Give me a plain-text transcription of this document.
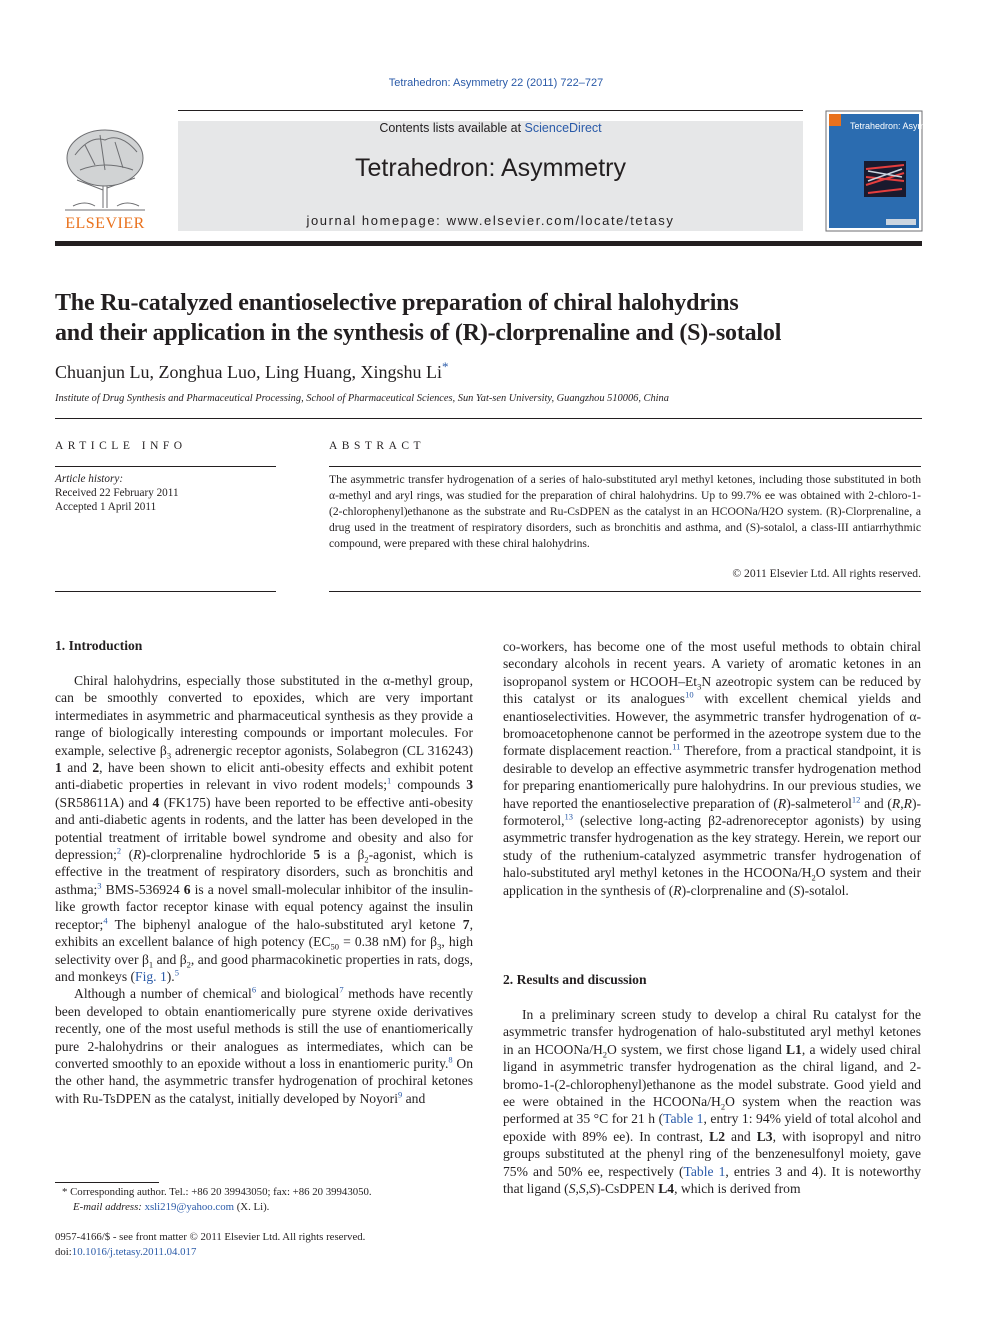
Tetrahedron: Asymmetry 22 (2011) 722–727
ELSEVIER
Contents lists available at ScienceDirect
Tetrahedron: Asymmetry
journal homepage: www.elsevier.com/locate/tetasy
Tetrahedron: Asymmetry
The Ru-catalyzed enantioselective preparation of chiral halohydrins
and their application in the synthesis of (R)-clorprenaline and (S)-sotalol
Chuanjun Lu, Zonghua Luo, Ling Huang, Xingshu Li*
Institute of Drug Synthesis and Pharmaceutical Processing, School of Pharmaceutical Sciences, Sun Yat-sen University, Guangzhou 510006, China
ARTICLE INFO
Article history:
Received 22 February 2011
Accepted 1 April 2011
ABSTRACT
The asymmetric transfer hydrogenation of a series of halo-substituted aryl methyl ketones, including those substituted in both α-methyl and aryl rings, was studied for the preparation of chiral halohydrins. Up to 99.7% ee was obtained with 2-chloro-1-(2-chlorophenyl)ethanone as the substrate and Ru-CsDPEN as the catalyst in an HCOONa/H2O system. (R)-Clorprenaline, a drug used in the treatment of respiratory disorders, such as bronchitis and asthma, and (S)-sotalol, a class-III antiarrhythmic compound, were prepared with these chiral halohydrins.
© 2011 Elsevier Ltd. All rights reserved.
1. Introduction

Chiral halohydrins, especially those substituted in the α-methyl group, can be smoothly converted to epoxides, which are very important intermediates in asymmetric and pharmaceutical synthesis as they provide a range of biologically interesting compounds or important molecules. For example, selective $\beta_3$ adrenergic receptor agonists, Solabegron (CL 316243) 1 and 2, have been shown to elicit anti-obesity effects and exhibit potent anti-diabetic properties in relevant in vivo rodent models;$^1$ compounds 3 (SR58611A) and 4 (FK175) have been reported to be effective anti-obesity and anti-diabetic agents in rodents, and the latter has been developed in the potential treatment of irritable bowel syndrome and obesity and also for depression;$^2$ (R)-clorprenaline hydrochloride 5 is a $\beta_2$-agonist, which is effective in the treatment of respiratory disorders, such as bronchitis and asthma;$^3$ BMS-536924 6 is a novel small-molecular inhibitor of the insulin-like growth factor receptor kinase with equal potency against the insulin receptor;$^4$ The biphenyl analogue of the halo-substituted aryl ketone 7, exhibits an excellent balance of high potency ($EC_{50} = 0.38$ nM) for $\beta_3$, high selectivity over $\beta_1$ and $\beta_2$, and good pharmacokinetic properties in rats, dogs, and monkeys (Fig. 1).$^5$

Although a number of chemical$^6$ and biological$^7$ methods have recently been developed to obtain enantiomerically pure styrene oxide derivatives recently, one of the most useful methods is still the use of enantiomerically pure 2-halohydrins or their analogues as intermediates, which can be converted smoothly to an epoxide without a loss in enantiomeric purity.$^8$ On the other hand, the asymmetric transfer hydrogenation of prochiral ketones with Ru-TsDPEN as the catalyst, initially developed by Noyori$^9$ and

* Corresponding author. Tel.: +86 20 39943050; fax: +86 20 39943050.
E-mail address: xsli219@yahoo.com (X. Li).
0957-4166/$ - see front matter © 2011 Elsevier Ltd. All rights reserved.
doi:10.1016/j.tetasy.2011.04.017

co-workers, has become one of the most useful methods to obtain chiral secondary alcohols in recent years. A variety of aromatic ketones in an isopropanol system or HCOOH–$Et_3N$ azeotropic system can be reduced by this catalyst or its analogues$^{10}$ with excellent chemical yields and enantioselectivities. However, the asymmetric transfer hydrogenation of α-bromoacetophenone cannot be performed in the azeotrope system due to the formate displacement reaction.$^{11}$ Therefore, from a practical standpoint, it is desirable to develop an effective asymmetric transfer hydrogenation method for preparing enantiomerically pure halohydrins. In our previous studies, we have reported the enantioselective preparation of (R)-salmeterol$^{12}$ and (R,R)-formoterol,$^{13}$ (selective long-acting β2-adrenoreceptor agonists) by using asymmetric transfer hydrogenation as the key strategy. Herein, we report our study of the ruthenium-catalyzed asymmetric transfer hydrogenation of halo-substituted aryl methyl ketones in the HCOONa/$H_2O$ system and their application in the synthesis of (R)-clorprenaline and (S)-sotalol.

2. Results and discussion

In a preliminary screen study to develop a chiral Ru catalyst for the asymmetric transfer hydrogenation of halo-substituted aryl methyl ketones in an HCOONa/$H_2O$ system, we first chose ligand L1, a widely used chiral ligand in asymmetric transfer hydrogenation as the chiral ligand, and 2-bromo-1-(2-chlorophenyl)ethanone as the model substrate. Good yield and ee were obtained in the HCOONa/$H_2O$ system when the reaction was performed at 35 °C for 21 h (Table 1, entry 1: 94% yield of total alcohol and epoxide with 89% ee). In contrast, L2 and L3, with isopropyl and nitro groups substituted at the phenyl ring of the benzenesulfonyl moiety, gave 75% and 50% ee, respectively (Table 1, entries 3 and 4). It is noteworthy that ligand (S,S,S)-CsDPEN L4, which is derived from
